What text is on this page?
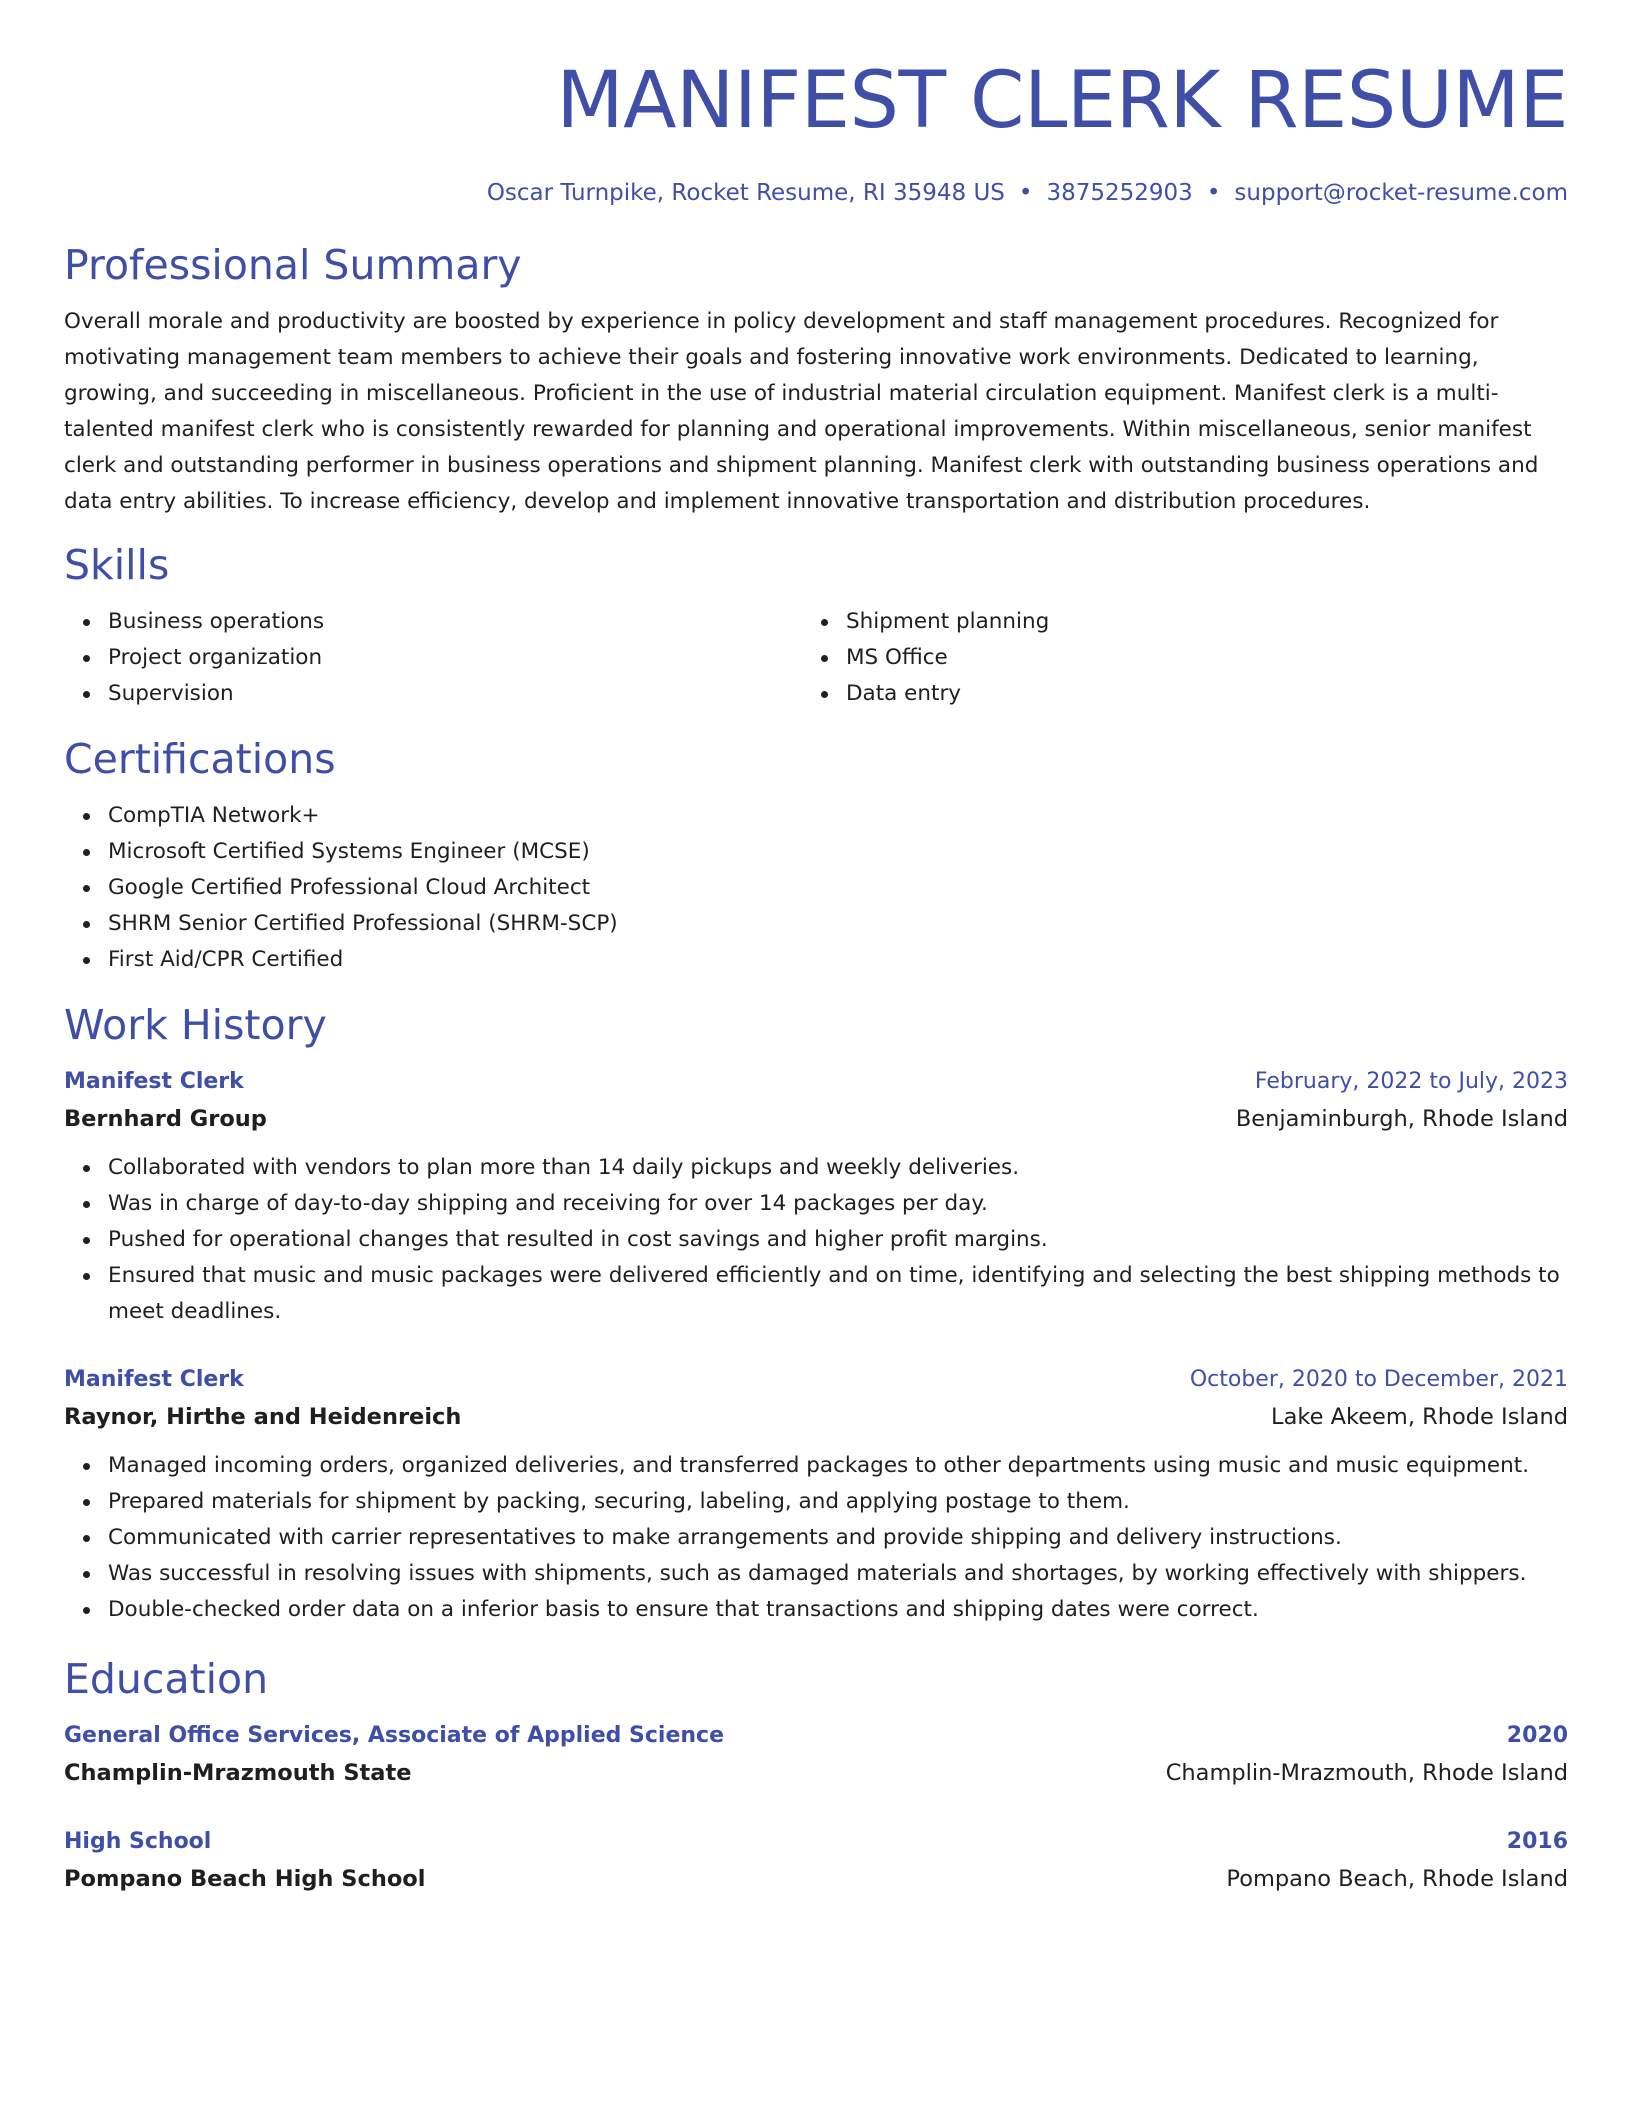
MANIFEST CLERK RESUME
Oscar Turnpike, Rocket Resume, RI 35948 US • 3875252903 • support@rocket-resume.com
Professional Summary

Overall morale and productivity are boosted by experience in policy development and staff management procedures. Recognized for motivating management team members to achieve their goals and fostering innovative work environments. Dedicated to learning, growing, and succeeding in miscellaneous. Proficient in the use of industrial material circulation equipment. Manifest clerk is a multi-talented manifest clerk who is consistently rewarded for planning and operational improvements. Within miscellaneous, senior manifest clerk and outstanding performer in business operations and shipment planning. Manifest clerk with outstanding business operations and data entry abilities. To increase efficiency, develop and implement innovative transportation and distribution procedures.

Skills
Business operations
Project organization
Supervision
Shipment planning
MS Office
Data entry
Certifications
CompTIA Network+
Microsoft Certified Systems Engineer (MCSE)
Google Certified Professional Cloud Architect
SHRM Senior Certified Professional (SHRM-SCP)
First Aid/CPR Certified
Work History
Manifest Clerk	February, 2022 to July, 2023
Bernhard Group	Benjaminburgh, Rhode Island
Collaborated with vendors to plan more than 14 daily pickups and weekly deliveries.
Was in charge of day-to-day shipping and receiving for over 14 packages per day.
Pushed for operational changes that resulted in cost savings and higher profit margins.
Ensured that music and music packages were delivered efficiently and on time, identifying and selecting the best shipping methods to meet deadlines.
Manifest Clerk	October, 2020 to December, 2021
Raynor, Hirthe and Heidenreich	Lake Akeem, Rhode Island
Managed incoming orders, organized deliveries, and transferred packages to other departments using music and music equipment.
Prepared materials for shipment by packing, securing, labeling, and applying postage to them.
Communicated with carrier representatives to make arrangements and provide shipping and delivery instructions.
Was successful in resolving issues with shipments, such as damaged materials and shortages, by working effectively with shippers.
Double-checked order data on a inferior basis to ensure that transactions and shipping dates were correct.
Education
General Office Services, Associate of Applied Science	2020
Champlin-Mrazmouth State	Champlin-Mrazmouth, Rhode Island
High School	2016
Pompano Beach High School	Pompano Beach, Rhode Island
